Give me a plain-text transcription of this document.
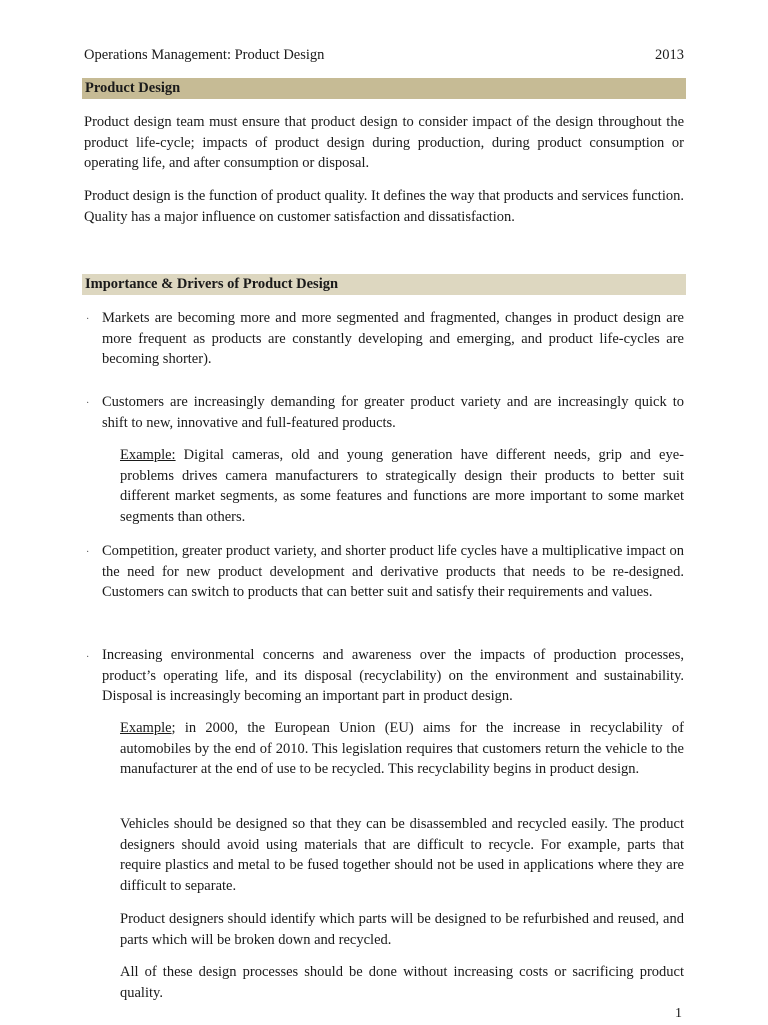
Operations Management: Product Design	2013
Product Design

Product design team must ensure that product design to consider impact of the design throughout the product life-cycle; impacts of product design during production, during product consumption or operating life, and after consumption or disposal.

Product design is the function of product quality. It defines the way that products and services function. Quality has a major influence on customer satisfaction and dissatisfaction.

Importance & Drivers of Product Design
· Markets are becoming more and more segmented and fragmented, changes in product design are more frequent as products are constantly developing and emerging, and product life-cycles are becoming shorter).

· Customers are increasingly demanding for greater product variety and are increasingly quick to shift to new, innovative and full-featured products.

Example: Digital cameras, old and young generation have different needs, grip and eye-problems drives camera manufacturers to strategically design their products to better suit different market segments, as some features and functions are more important to some market segments than others.

· Competition, greater product variety, and shorter product life cycles have a multiplicative impact on the need for new product development and derivative products that needs to be re-designed. Customers can switch to products that can better suit and satisfy their requirements and values.

· Increasing environmental concerns and awareness over the impacts of production processes, product’s operating life, and its disposal (recyclability) on the environment and sustainability. Disposal is increasingly becoming an important part in product design.

Example; in 2000, the European Union (EU) aims for the increase in recyclability of automobiles by the end of 2010. This legislation requires that customers return the vehicle to the manufacturer at the end of use to be recycled. This recyclability begins in product design.

Vehicles should be designed so that they can be disassembled and recycled easily. The product designers should avoid using materials that are difficult to recycle. For example, parts that require plastics and metal to be fused together should not be used in applications where they are difficult to separate.

Product designers should identify which parts will be designed to be refurbished and reused, and parts which will be broken down and recycled.

All of these design processes should be done without increasing costs or sacrificing product quality.

1
